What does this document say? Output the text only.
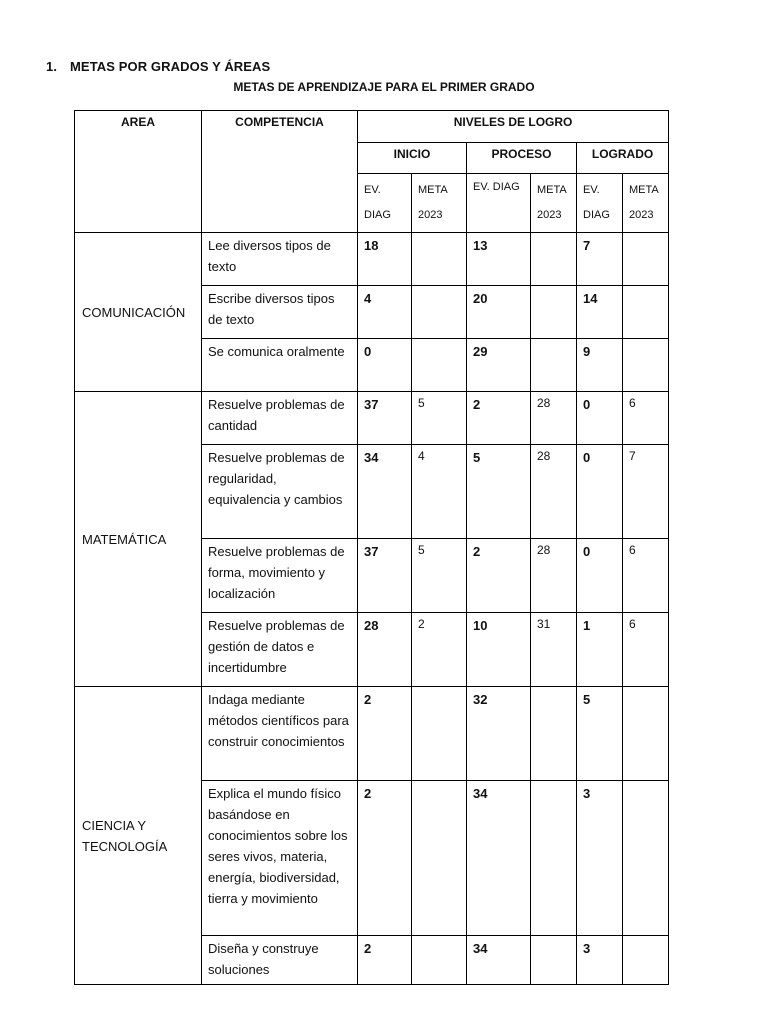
1. METAS POR GRADOS Y ÁREAS
METAS DE APRENDIZAJE PARA EL PRIMER GRADO
AREA	COMPETENCIA	NIVELES DE LOGRO					
		INICIO		PROCESO		LOGRADO	
		EV. DIAG	META 2023	EV. DIAG	META 2023	EV. DIAG	META 2023
COMUNICACIÓN	Lee diversos tipos de texto	18		13		7	
	Escribe diversos tipos de texto	4		20		14	
	Se comunica oralmente	0		29		9	
MATEMÁTICA	Resuelve problemas de cantidad	37	5	2	28	0	6
	Resuelve problemas de regularidad, equivalencia y cambios	34	4	5	28	0	7
	Resuelve problemas de forma, movimiento y localización	37	5	2	28	0	6
	Resuelve problemas de gestión de datos e incertidumbre	28	2	10	31	1	6
CIENCIA Y TECNOLOGÍA	Indaga mediante métodos científicos para construir conocimientos	2		32		5	
	Explica el mundo físico basándose en conocimientos sobre los seres vivos, materia, energía, biodiversidad, tierra y movimiento	2		34		3	
	Diseña y construye soluciones	2		34		3	
